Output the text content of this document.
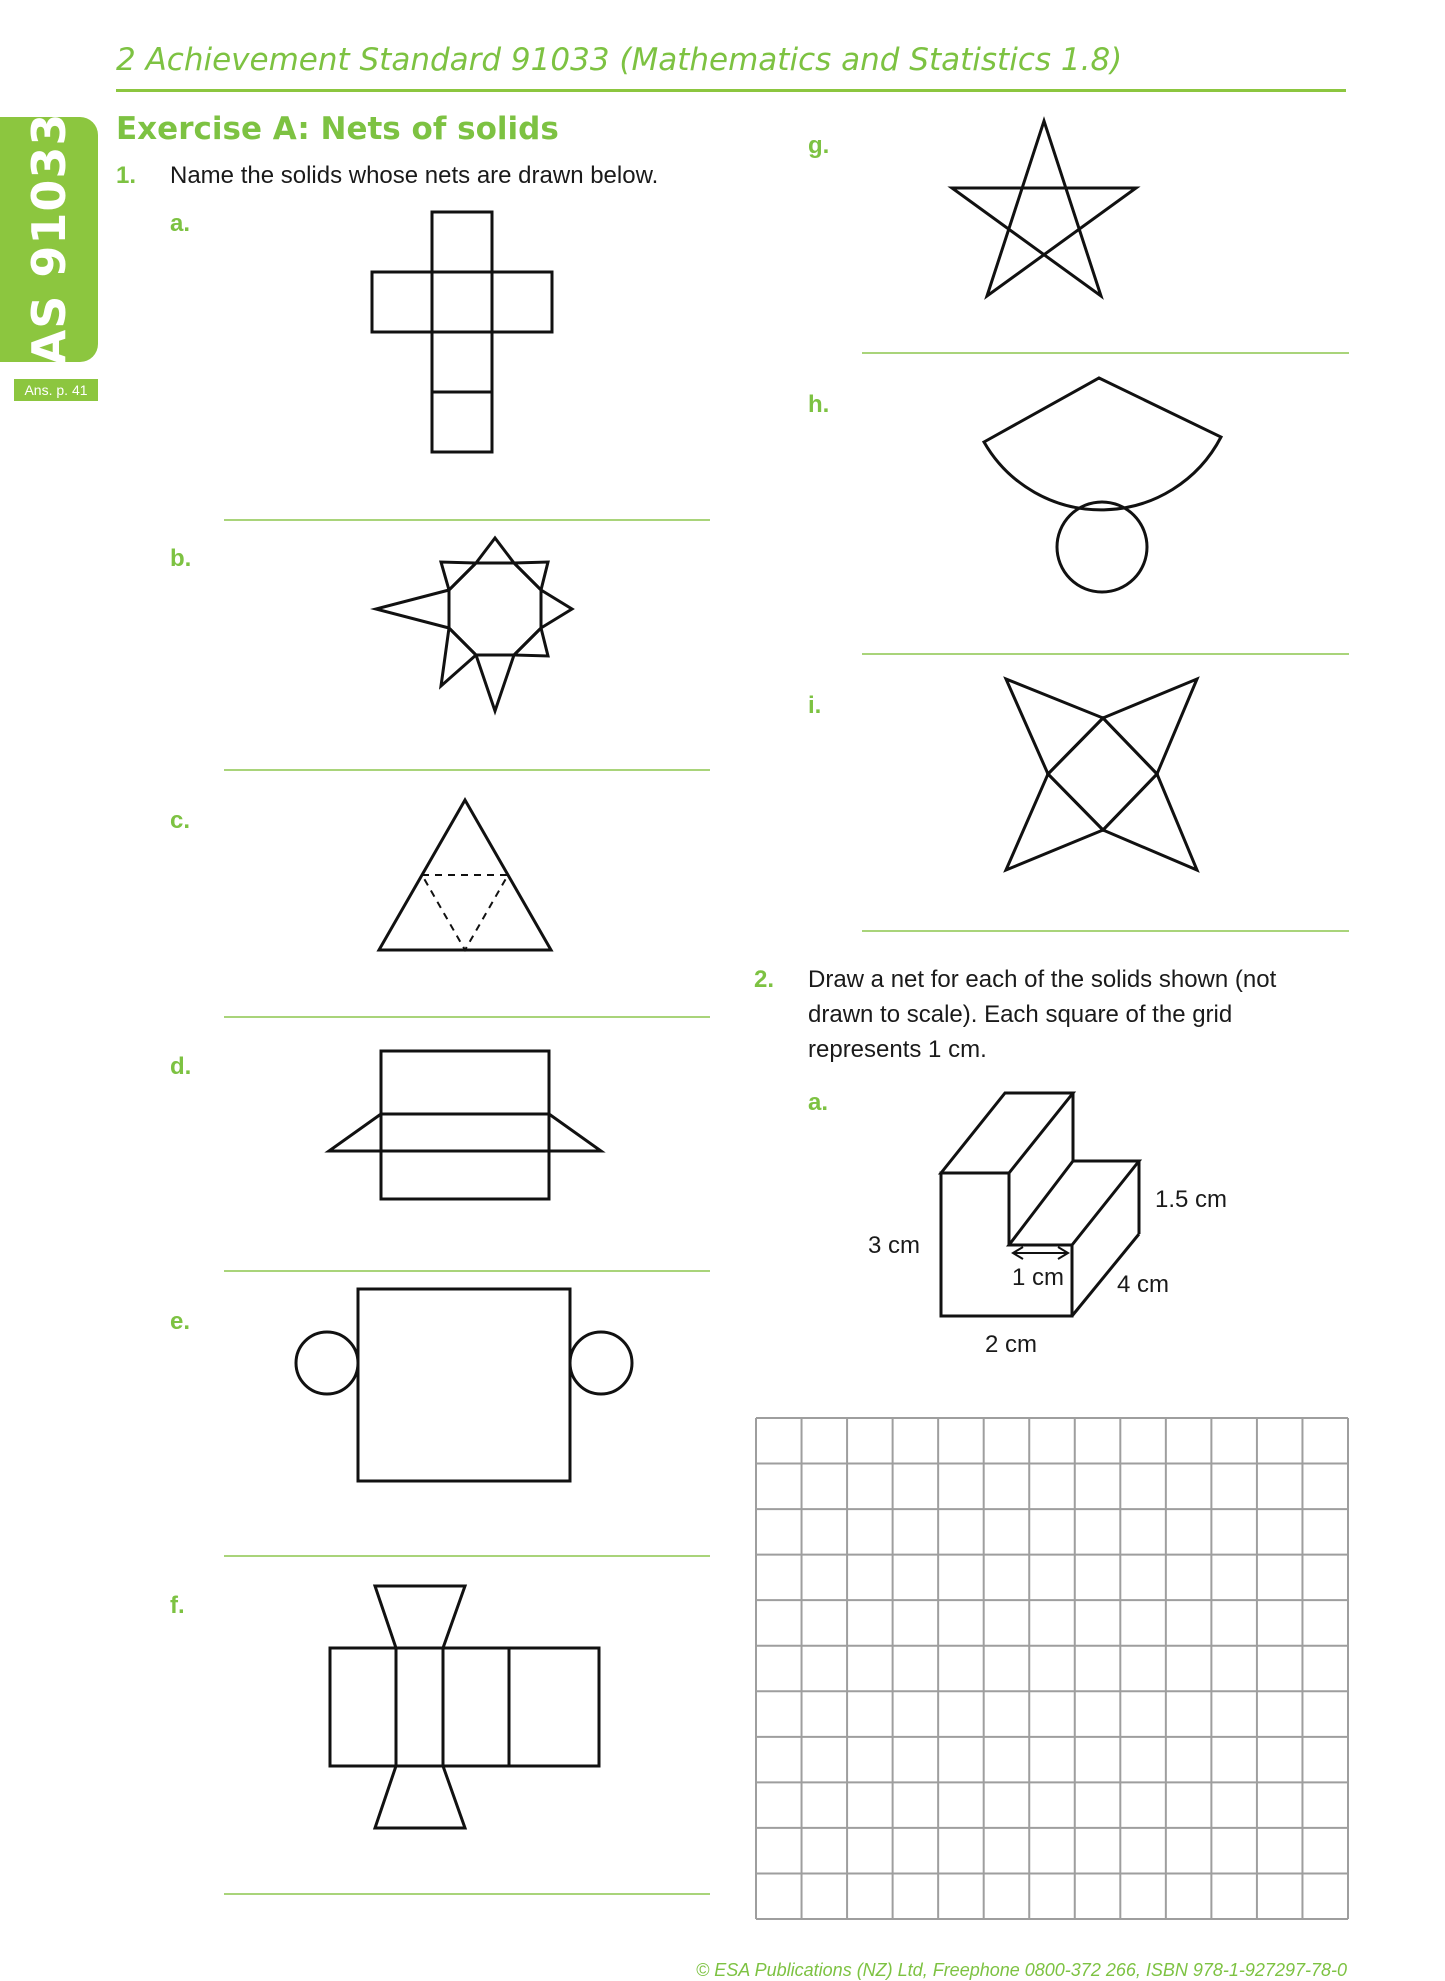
2 Achievement Standard 91033 (Mathematics and Statistics 1.8)
AS 91033
Ans. p. 41
Exercise A: Nets of solids
1. Name the solids whose nets are drawn below.
a.
b.
c.
d.
e.
f.
g.
h.
i.
2. Draw a net for each of the solids shown (not
drawn to scale). Each square of the grid
represents 1 cm.
a.
3 cm
1.5 cm
1 cm 4 cm
2 cm
© ESA Publications (NZ) Ltd, Freephone 0800-372 266, ISBN 978-1-927297-78-0
